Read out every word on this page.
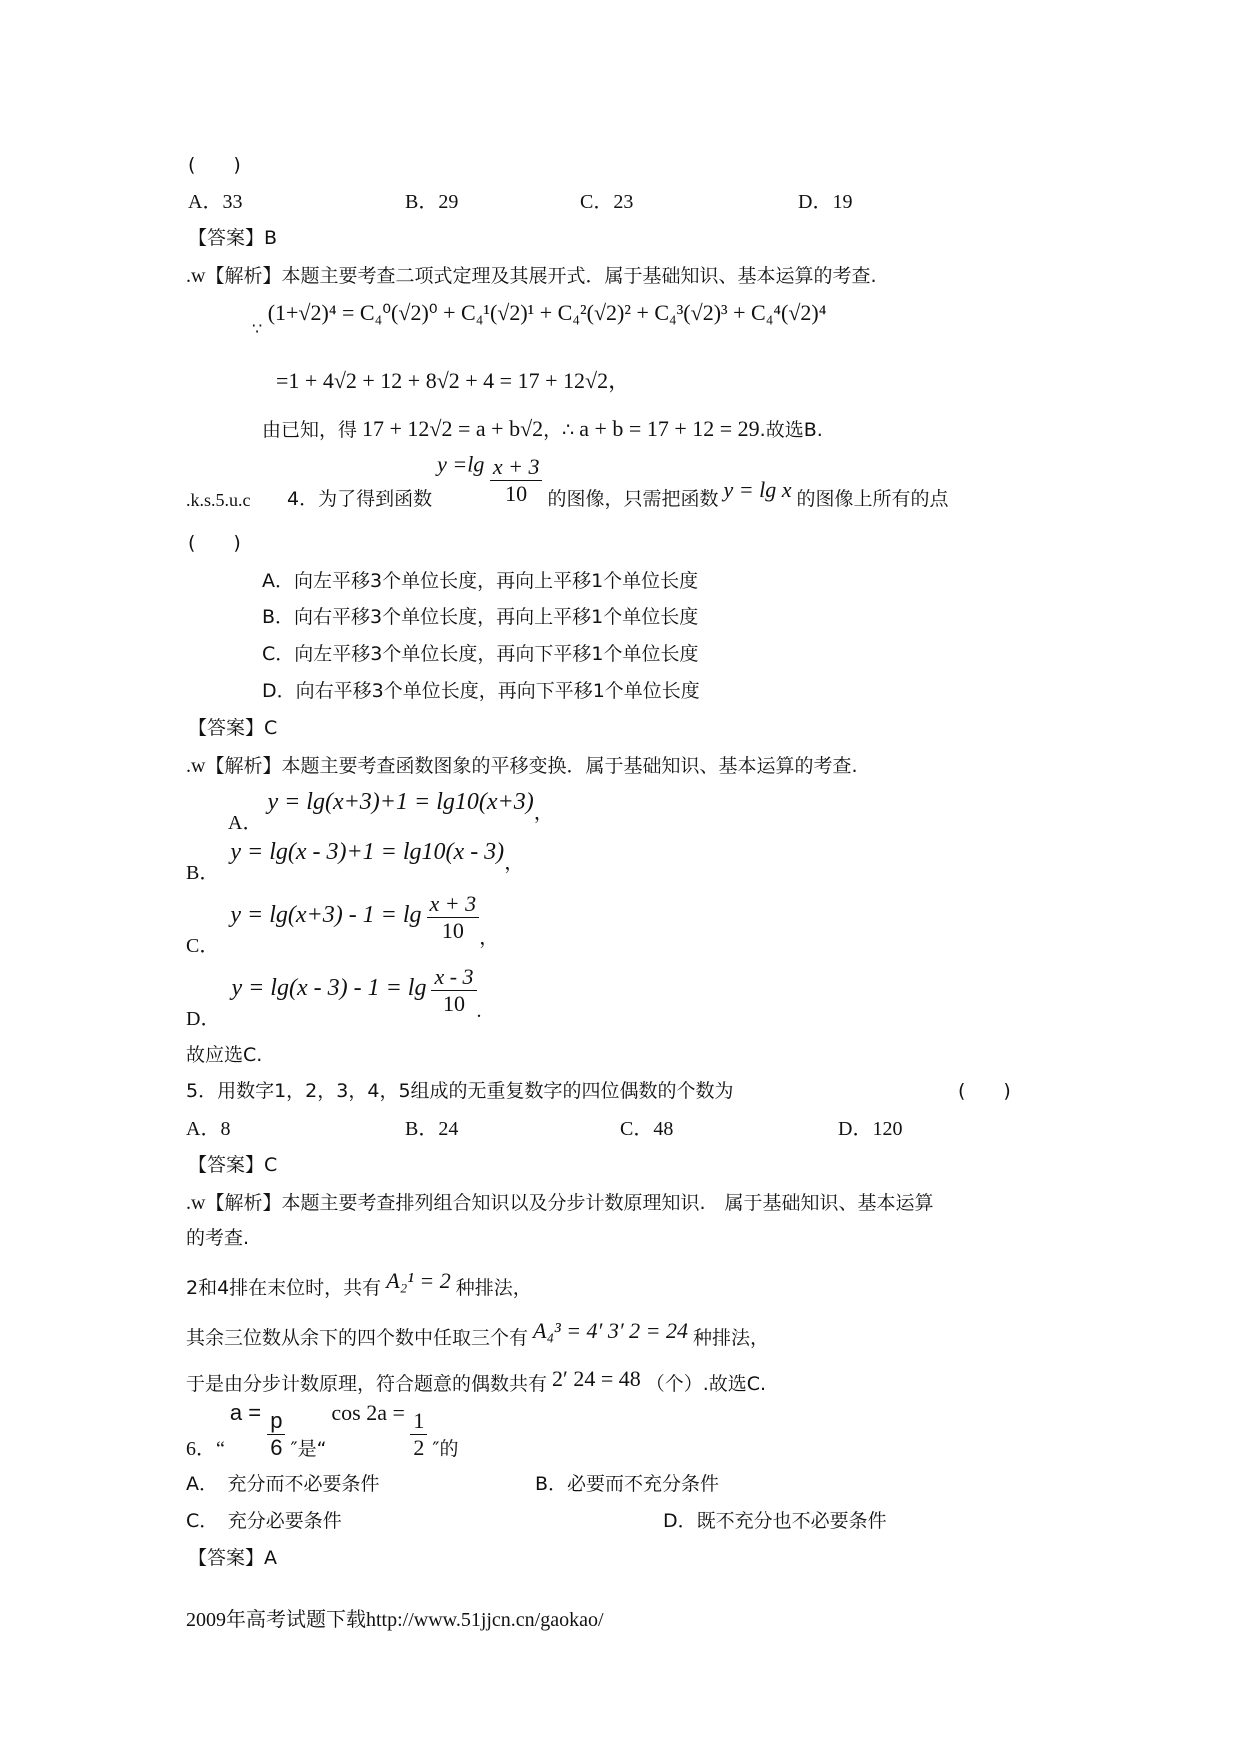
(　　)
A．33	B．29	C．23	D．19
【答案】B
.w【解析】本题主要考查二项式定理及其展开式．属于基础知识、基本运算的考查.
$_\because$ (1+√2)⁴ = C₄⁰(√2)⁰ + C₄¹(√2)¹ + C₄²(√2)² + C₄³(√2)³ + C₄⁴(√2)⁴
=1 + 4√2 + 12 + 8√2 + 4 = 17 + 12√2，
由已知，得 17 + 12√2 = a + b√2，∴ a + b = 17 + 12 = 29.故选B.
.k.s.5.u.c 4．为了得到函数 $y =\lg \frac{x + 3}{10}$ 的图像，只需把函数 y = lg x 的图像上所有的点
(　　)
A．向左平移3个单位长度，再向上平移1个单位长度
B．向右平移3个单位长度，再向上平移1个单位长度
C．向左平移3个单位长度，再向下平移1个单位长度
D．向右平移3个单位长度，再向下平移1个单位长度
【答案】C
.w【解析】本题主要考查函数图象的平移变换．属于基础知识、基本运算的考查.
A． y = lg(x+3)+1 = lg10(x+3)，
B． y = lg(x - 3)+1 = lg10(x - 3)，
C． $y = \lg(x+3) - 1 = \lg \frac{x + 3}{10}$ ，
D． $y = \lg(x - 3) - 1 = \lg \frac{x - 3}{10}$ .
故应选C.
5．用数字1，2，3，4，5组成的无重复数字的四位偶数的个数为	(　　)
A．8	B．24	C．48	D．120
【答案】C
.w【解析】本题主要考查排列组合知识以及分步计数原理知识.　属于基础知识、基本运算
的考查.
2和4排在末位时，共有 A₂¹ = 2 种排法，
其余三位数从余下的四个数中任取三个有 A₄³ = 4′ 3′ 2 = 24 种排法，
于是由分步计数原理，符合题意的偶数共有 2′ 24 = 48 （个）.故选C.
6．“ $a = \frac{p}{6}$ ″是“ $\cos 2a = \frac{1}{2}$ ″的
A．　充分而不必要条件	B．必要而不充分条件
C．　充分必要条件	D．既不充分也不必要条件
【答案】A
2009年高考试题下载http://www.51jjcn.cn/gaokao/
